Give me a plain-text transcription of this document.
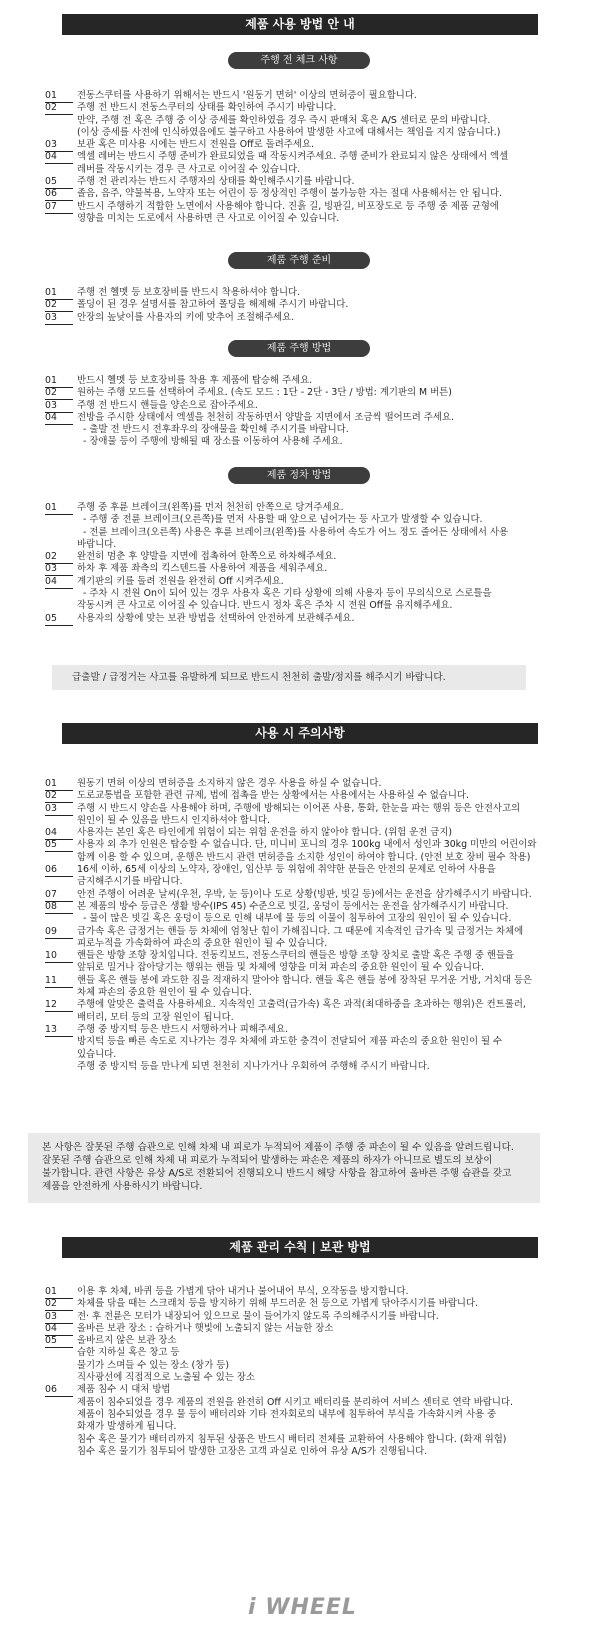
제품 사용 방법 안 내
주행 전 체크 사항
01	전동스쿠터를 사용하기 위해서는 반드시 '원동기 면허' 이상의 면허증이 필요합니다.
02	주행 전 반드시 전동스쿠터의 상태를 확인하여 주시기 바랍니다.
만약, 주행 전 혹은 주행 중 이상 증세를 확인하였을 경우 즉시 판매처 혹은 A/S 센터로 문의 바랍니다.
(이상 증세를 사전에 인식하였음에도 불구하고 사용하여 발생한 사고에 대해서는 책임을 지지 않습니다.)
03	보관 혹은 미사용 시에는 반드시 전원을 Off로 돌려주세요.
04	엑셀 레버는 반드시 주행 준비가 완료되었을 때 작동시켜주세요. 주행 준비가 완료되지 않은 상태에서 엑셀
레버를 작동시키는 경우 큰 사고로 이어질 수 있습니다.
05	주행 전 관리자는 반드시 주행자의 상태를 확인해주시기를 바랍니다.
06	졸음, 음주, 약물복용, 노약자 또는 어린이 등 정상적인 주행이 불가능한 자는 절대 사용해서는 안 됩니다.
07	반드시 주행하기 적합한 노면에서 사용해야 합니다. 진흙 길, 빙판길, 비포장도로 등 주행 중 제품 균형에
영향을 미치는 도로에서 사용하면 큰 사고로 이어질 수 있습니다.
제품 주행 준비
01	주행 전 헬멧 등 보호장비를 반드시 착용하셔야 합니다.
02	폴딩이 된 경우 설명서를 참고하여 폴딩을 해제해 주시기 바랍니다.
03	안장의 높낮이를 사용자의 키에 맞추어 조절해주세요.
제품 주행 방법
01	반드시 헬멧 등 보호장비를 착용 후 제품에 탑승해 주세요.
02	원하는 주행 모드를 선택하여 주세요. (속도 모드 : 1단 - 2단 - 3단 / 방법: 계기판의 M 버튼)
03	주행 전 반드시 핸들을 양손으로 잡아주세요.
04	전방을 주시한 상태에서 엑셀을 천천히 작동하면서 양발을 지면에서 조금씩 떨어뜨려 주세요.
- 출발 전 반드시 전후좌우의 장애물을 확인해 주시기를 바랍니다.
- 장애물 등이 주행에 방해될 때 장소를 이동하여 사용해 주세요.
제품 정차 방법
01	주행 중 후륜 브레이크(왼쪽)를 먼저 천천히 안쪽으로 당겨주세요.
- 주행 중 전륜 브레이크(오른쪽)를 먼저 사용할 때 앞으로 넘어가는 등 사고가 발생할 수 있습니다.
- 전륜 브레이크(오른쪽) 사용은 후륜 브레이크(왼쪽)를 사용하여 속도가 어느 정도 줄어든 상태에서 사용
바랍니다.
02	완전히 멈춘 후 양발을 지면에 접촉하여 한쪽으로 하차해주세요.
03	하차 후 제품 좌측의 킥스텐드를 사용하여 제품을 세워주세요.
04	계기판의 키를 돌려 전원을 완전히 Off 시켜주세요.
- 주차 시 전원 On이 되어 있는 경우 사용자 혹은 기타 상황에 의해 사용자 등이 무의식으로 스로틀을
작동시켜 큰 사고로 이어질 수 있습니다. 반드시 정차 혹은 주차 시 전원 Off를 유지해주세요.
05	사용자의 상황에 맞는 보관 방법을 선택하여 안전하게 보관해주세요.
급출발 / 급정거는 사고를 유발하게 되므로 반드시 천천히 출발/정지를 해주시기 바랍니다.
사용 시 주의사항
01	원동기 면허 이상의 면허증을 소지하지 않은 경우 사용을 하실 수 없습니다.
02	도로교통법을 포함한 관련 규제, 법에 접촉을 받는 상황에서는 사용에서는 사용하실 수 없습니다.
03	주행 시 반드시 양손을 사용해야 하며, 주행에 방해되는 이어폰 사용, 통화, 한눈을 파는 행위 등은 안전사고의
원인이 될 수 있음을 반드시 인지하셔야 합니다.
04	사용자는 본인 혹은 타인에게 위험이 되는 위험 운전을 하지 않아야 합니다. (위험 운전 금지)
05	사용자 외 추가 인원은 탑승할 수 없습니다. 단, 미니비 포니의 경우 100kg 내에서 성인과 30kg 미만의 어린이와
함께 이용 할 수 있으며, 운행은 반드시 관련 면허증을 소지한 성인이 하여야 합니다. (안전 보호 장비 필수 착용)
06	16세 이하, 65세 이상의 노약자, 장애인, 임산부 등 위험에 취약한 분들은 안전의 문제로 인하여 사용을
금지해주시기를 바랍니다.
07	안전 주행이 어려운 날씨(우천, 우박, 눈 등)이나 도로 상황(빙판, 빗길 등)에서는 운전을 삼가해주시기 바랍니다.
08	본 제품의 방수 등급은 생활 방수(IPS 45) 수준으로 빗길, 웅덩이 등에서는 운전을 삼가해주시기 바랍니다.
- 물이 많은 빗길 혹은 웅덩이 등으로 인해 내부에 물 등의 이물이 침투하여 고장의 원인이 될 수 있습니다.
09	급가속 혹은 급정거는 핸들 등 차체에 엄청난 힘이 가해집니다. 그 때문에 지속적인 급가속 및 급정거는 차체에
피로누적을 가속화하여 파손의 중요한 원인이 될 수 있습니다.
10	핸들은 방향 조향 장치입니다. 전동킥보드, 전동스쿠터의 핸들은 방향 조향 장치로 출발 혹은 주행 중 핸들을
앞뒤로 밀거나 잡아당기는 행위는 핸들 및 차체에 영향을 미쳐 파손의 중요한 원인이 될 수 있습니다.
11	핸들 혹은 핸들 봉에 과도한 짐을 적재하지 말아야 합니다. 핸들 혹은 핸들 봉에 장착된 무거운 거방, 거치대 등은
차체 파손의 중요한 원인이 될 수 있습니다.
12	주행에 알맞은 출력을 사용하세요. 지속적인 고출력(급가속) 혹은 과적(최대하중을 초과하는 행위)은 컨트롤러,
배터리, 모터 등의 고장 원인이 됩니다.
13	주행 중 방지턱 등은 반드시 서행하거나 피해주세요.
방지턱 등을 빠른 속도로 지나가는 경우 차체에 과도한 충격이 전달되어 제품 파손의 중요한 원인이 될 수
있습니다.
주행 중 방지턱 등을 만나게 되면 천천히 지나가거나 우회하여 주행해 주시기 바랍니다.
본 사항은 잘못된 주행 습관으로 인해 차체 내 피로가 누적되어 제품이 주행 중 파손이 될 수 있음을 알려드립니다.
잘못된 주행 습관으로 인해 차체 내 피로가 누적되어 발생하는 파손은 제품의 하자가 아니므로 별도의 보상이
불가합니다. 관련 사항은 유상 A/S로 전환되어 진행되오니 반드시 해당 사항을 참고하여 올바른 주행 습관을 갖고
제품을 안전하게 사용하시기 바랍니다.
제품 관리 수칙 | 보관 방법
01	이용 후 차체, 바퀴 등을 가볍게 닦아 내거나 불어내어 부식, 오작동을 방지합니다.
02	차체를 닦을 때는 스크래치 등을 방지하기 위해 부드러운 천 등으로 가볍게 닦아주시기를 바랍니다.
03	전· 후 전륜은 모터가 내장되어 있으므로 물이 들어가지 않도록 주의해주시기를 바랍니다.
04	올바른 보관 장소 : 습하거나 햇빛에 노출되지 않는 서늘한 장소
05	올바르지 않은 보관 장소
습한 지하실 혹은 창고 등
물기가 스며들 수 있는 장소 (창가 등)
직사광선에 직접적으로 노출될 수 있는 장소
06	제품 침수 시 대처 방법
제품이 침수되었을 경우 제품의 전원을 완전히 Off 시키고 배터리를 분리하여 서비스 센터로 연락 바랍니다.
제품이 침수되었을 경우 물 등이 배터리와 기타 전자회로의 내부에 침투하여 부식을 가속화시켜 사용 중
화재가 발생하게 됩니다.
침수 혹은 물기가 배터리까지 침투된 상품은 반드시 배터리 전체를 교환하여 사용해야 합니다. (화재 위험)
침수 혹은 물기가 침투되어 발생한 고장은 고객 과실로 인하여 유상 A/S가 진행됩니다.
i WHEEL
